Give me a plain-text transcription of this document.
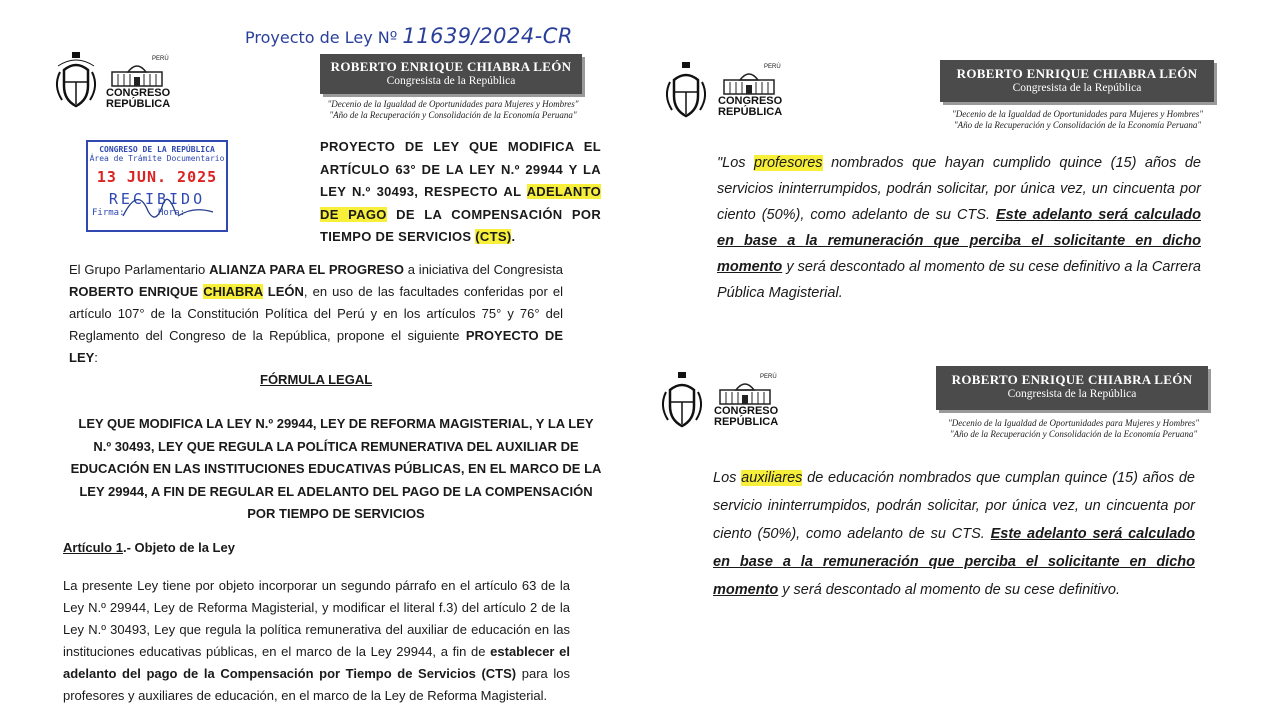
Proyecto de Ley Nº 11639/2024-CR
PERÚ
CONGRESO
REPÚBLICA
ROBERTO ENRIQUE CHIABRA LEÓN
Congresista de la República
"Decenio de la Igualdad de Oportunidades para Mujeres y Hombres"
"Año de la Recuperación y Consolidación de la Economía Peruana"
CONGRESO DE LA REPÚBLICA
Área de Trámite Documentario
13 JUN. 2025
RECIBIDO
Firma:	Hora:
PROYECTO DE LEY QUE MODIFICA EL ARTÍCULO 63° DE LA LEY N.º 29944 Y LA LEY N.º 30493, RESPECTO AL ADELANTO DE PAGO DE LA COMPENSACIÓN POR TIEMPO DE SERVICIOS (CTS).
El Grupo Parlamentario ALIANZA PARA EL PROGRESO a iniciativa del Congresista ROBERTO ENRIQUE CHIABRA LEÓN, en uso de las facultades conferidas por el artículo 107° de la Constitución Política del Perú y en los artículos 75° y 76° del Reglamento del Congreso de la República, propone el siguiente PROYECTO DE LEY:
FÓRMULA LEGAL
LEY QUE MODIFICA LA LEY N.º 29944, LEY DE REFORMA MAGISTERIAL, Y LA LEY N.º 30493, LEY QUE REGULA LA POLÍTICA REMUNERATIVA DEL AUXILIAR DE EDUCACIÓN EN LAS INSTITUCIONES EDUCATIVAS PÚBLICAS, EN EL MARCO DE LA LEY 29944, A FIN DE REGULAR EL ADELANTO DEL PAGO DE LA COMPENSACIÓN POR TIEMPO DE SERVICIOS
Artículo 1.- Objeto de la Ley
La presente Ley tiene por objeto incorporar un segundo párrafo en el artículo 63 de la Ley N.º 29944, Ley de Reforma Magisterial, y modificar el literal f.3) del artículo 2 de la Ley N.º 30493, Ley que regula la política remunerativa del auxiliar de educación en las instituciones educativas públicas, en el marco de la Ley 29944, a fin de establecer el adelanto del pago de la Compensación por Tiempo de Servicios (CTS) para los profesores y auxiliares de educación, en el marco de la Ley de Reforma Magisterial.
PERÚ
CONGRESO
REPÚBLICA
ROBERTO ENRIQUE CHIABRA LEÓN
Congresista de la República
"Decenio de la Igualdad de Oportunidades para Mujeres y Hombres"
"Año de la Recuperación y Consolidación de la Economía Peruana"
"Los profesores nombrados que hayan cumplido quince (15) años de servicios ininterrumpidos, podrán solicitar, por única vez, un cincuenta por ciento (50%), como adelanto de su CTS. Este adelanto será calculado en base a la remuneración que perciba el solicitante en dicho momento y será descontado al momento de su cese definitivo a la Carrera Pública Magisterial.
PERÚ
CONGRESO
REPÚBLICA
ROBERTO ENRIQUE CHIABRA LEÓN
Congresista de la República
"Decenio de la Igualdad de Oportunidades para Mujeres y Hombres"
"Año de la Recuperación y Consolidación de la Economía Peruana"
Los auxiliares de educación nombrados que cumplan quince (15) años de servicio ininterrumpidos, podrán solicitar, por única vez, un cincuenta por ciento (50%), como adelanto de su CTS. Este adelanto será calculado en base a la remuneración que perciba el solicitante en dicho momento y será descontado al momento de su cese definitivo.
